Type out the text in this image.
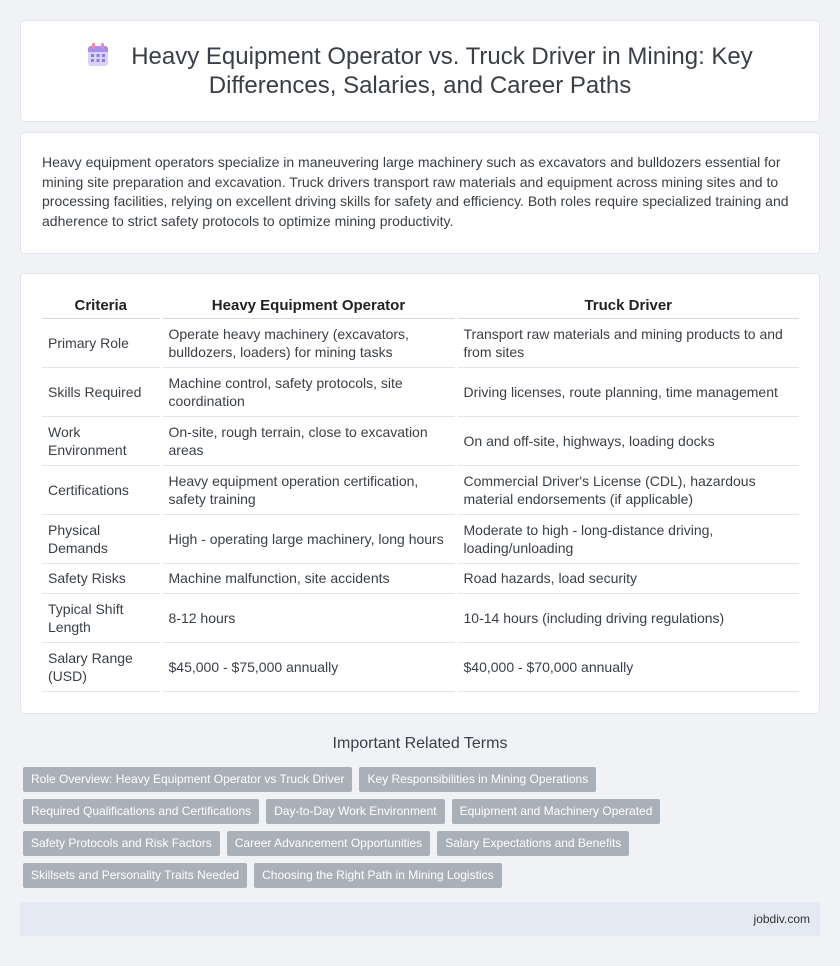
Heavy Equipment Operator vs. Truck Driver in Mining: Key Differences, Salaries, and Career Paths

Heavy equipment operators specialize in maneuvering large machinery such as excavators and bulldozers essential for mining site preparation and excavation. Truck drivers transport raw materials and equipment across mining sites and to processing facilities, relying on excellent driving skills for safety and efficiency. Both roles require specialized training and adherence to strict safety protocols to optimize mining productivity.

Criteria	Heavy Equipment Operator	Truck Driver
Primary Role	Operate heavy machinery (excavators, bulldozers, loaders) for mining tasks	Transport raw materials and mining products to and from sites
Skills Required	Machine control, safety protocols, site coordination	Driving licenses, route planning, time management
Work Environment	On-site, rough terrain, close to excavation areas	On and off-site, highways, loading docks
Certifications	Heavy equipment operation certification, safety training	Commercial Driver's License (CDL), hazardous material endorsements (if applicable)
Physical Demands	High - operating large machinery, long hours	Moderate to high - long-distance driving, loading/unloading
Safety Risks	Machine malfunction, site accidents	Road hazards, load security
Typical Shift Length	8-12 hours	10-14 hours (including driving regulations)
Salary Range (USD)	$45,000 - $75,000 annually	$40,000 - $70,000 annually
Important Related Terms
Role Overview: Heavy Equipment Operator vs Truck Driver	Key Responsibilities in Mining Operations
Required Qualifications and Certifications	Day-to-Day Work Environment	Equipment and Machinery Operated
Safety Protocols and Risk Factors	Career Advancement Opportunities	Salary Expectations and Benefits
Skillsets and Personality Traits Needed	Choosing the Right Path in Mining Logistics
jobdiv.com
